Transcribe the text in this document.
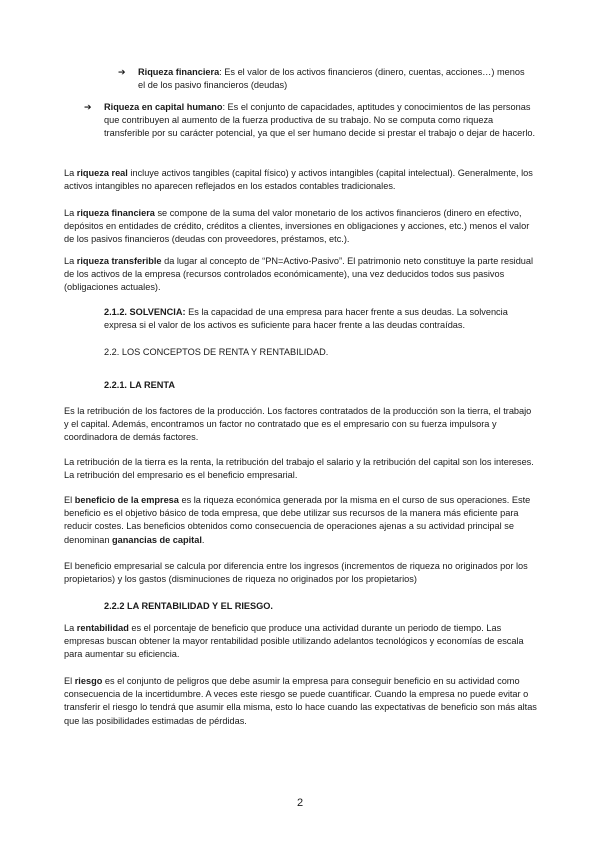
➔ Riqueza financiera: Es el valor de los activos financieros (dinero, cuentas, acciones…) menos el de los pasivo financieros (deudas)

➔ Riqueza en capital humano: Es el conjunto de capacidades, aptitudes y conocimientos de las personas que contribuyen al aumento de la fuerza productiva de su trabajo. No se computa como riqueza transferible por su carácter potencial, ya que el ser humano decide si prestar el trabajo o dejar de hacerlo.

La riqueza real incluye activos tangibles (capital físico) y activos intangibles (capital intelectual). Generalmente, los activos intangibles no aparecen reflejados en los estados contables tradicionales.

La riqueza financiera se compone de la suma del valor monetario de los activos financieros (dinero en efectivo, depósitos en entidades de crédito, créditos a clientes, inversiones en obligaciones y acciones, etc.) menos el valor de los pasivos financieros (deudas con proveedores, préstamos, etc.).

La riqueza transferible da lugar al concepto de “PN=Activo-Pasivo”. El patrimonio neto constituye la parte residual de los activos de la empresa (recursos controlados económicamente), una vez deducidos todos sus pasivos (obligaciones actuales).

2.1.2. SOLVENCIA: Es la capacidad de una empresa para hacer frente a sus deudas. La solvencia expresa si el valor de los activos es suficiente para hacer frente a las deudas contraídas.

2.2. LOS CONCEPTOS DE RENTA Y RENTABILIDAD.

2.2.1. LA RENTA

Es la retribución de los factores de la producción. Los factores contratados de la producción son la tierra, el trabajo y el capital. Además, encontramos un factor no contratado que es el empresario con su fuerza impulsora y coordinadora de demás factores.

La retribución de la tierra es la renta, la retribución del trabajo el salario y la retribución del capital son los intereses. La retribución del empresario es el beneficio empresarial.

El beneficio de la empresa es la riqueza económica generada por la misma en el curso de sus operaciones. Este beneficio es el objetivo básico de toda empresa, que debe utilizar sus recursos de la manera más eficiente para reducir costes. Las beneficios obtenidos como consecuencia de operaciones ajenas a su actividad principal se denominan ganancias de capital.

El beneficio empresarial se calcula por diferencia entre los ingresos (incrementos de riqueza no originados por los propietarios) y los gastos (disminuciones de riqueza no originados por los propietarios)

2.2.2 LA RENTABILIDAD Y EL RIESGO.

La rentabilidad es el porcentaje de beneficio que produce una actividad durante un periodo de tiempo. Las empresas buscan obtener la mayor rentabilidad posible utilizando adelantos tecnológicos y economías de escala para aumentar su eficiencia.

El riesgo es el conjunto de peligros que debe asumir la empresa para conseguir beneficio en su actividad como consecuencia de la incertidumbre. A veces este riesgo se puede cuantificar. Cuando la empresa no puede evitar o transferir el riesgo lo tendrá que asumir ella misma, esto lo hace cuando las expectativas de beneficio son más altas que las posibilidades estimadas de pérdidas.

2
